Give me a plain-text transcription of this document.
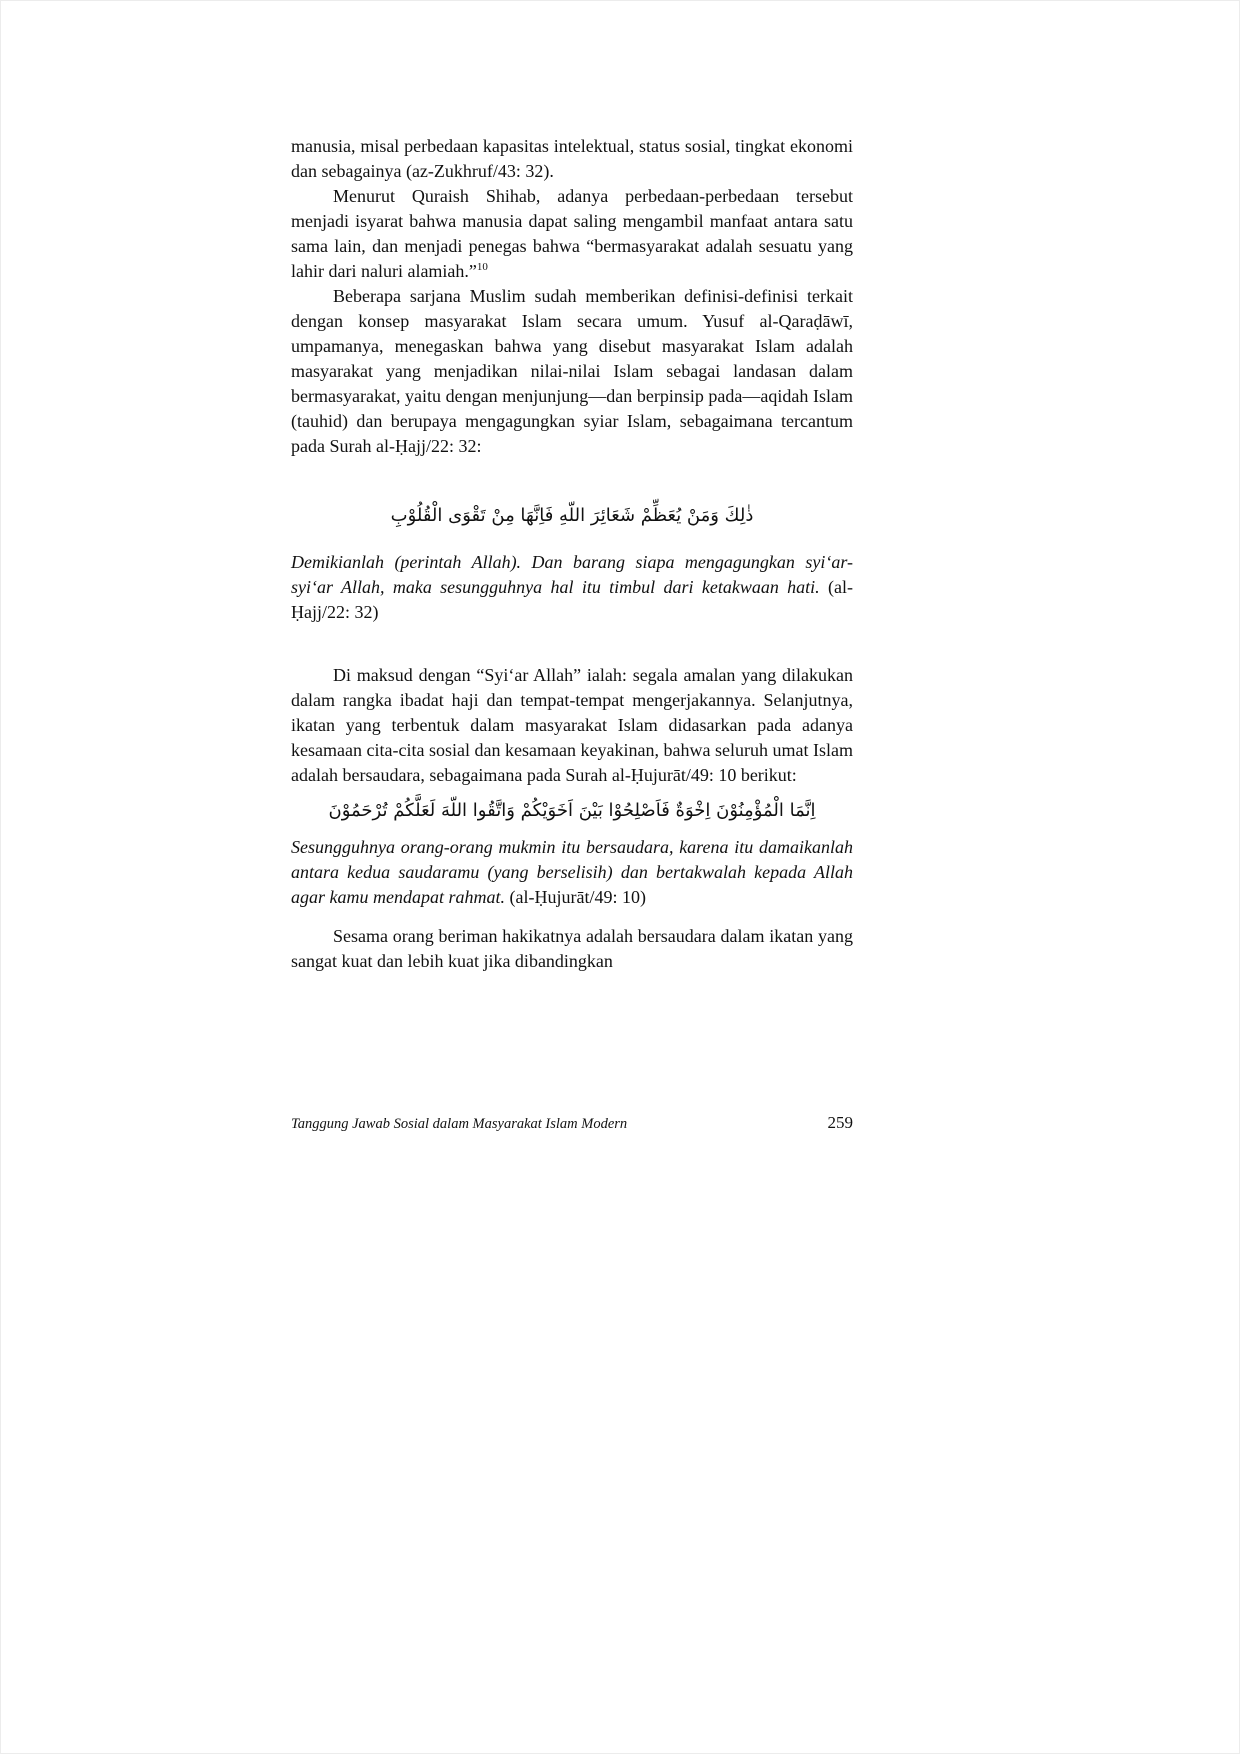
manusia, misal perbedaan kapasitas intelektual, status sosial, tingkat ekonomi dan sebagainya (az-Zukhruf/43: 32).

Menurut Quraish Shihab, adanya perbedaan-perbedaan tersebut menjadi isyarat bahwa manusia dapat saling mengambil manfaat antara satu sama lain, dan menjadi penegas bahwa “bermasyarakat adalah sesuatu yang lahir dari naluri alamiah.”$^{10}$

Beberapa sarjana Muslim sudah memberikan definisi-definisi terkait dengan konsep masyarakat Islam secara umum. Yusuf al-Qaraḍāwī, umpamanya, menegaskan bahwa yang disebut masyarakat Islam adalah masyarakat yang menjadikan nilai-nilai Islam sebagai landasan dalam bermasyarakat, yaitu dengan menjunjung—dan berpinsip pada—aqidah Islam (tauhid) dan berupaya mengagungkan syiar Islam, sebagaimana tercantum pada Surah al-Ḥajj/22: 32:

ذٰلِكَ وَمَنْ يُعَظِّمْ شَعَائِرَ اللّهِ فَاِنَّهَا مِنْ تَقْوَى الْقُلُوْبِ

Demikianlah (perintah Allah). Dan barang siapa mengagungkan syi‘ar-syi‘ar Allah, maka sesungguhnya hal itu timbul dari ketakwaan hati. (al-Ḥajj/22: 32)

Di maksud dengan “Syi‘ar Allah” ialah: segala amalan yang dilakukan dalam rangka ibadat haji dan tempat-tempat mengerjakannya. Selanjutnya, ikatan yang terbentuk dalam masyarakat Islam didasarkan pada adanya kesamaan cita-cita sosial dan kesamaan keyakinan, bahwa seluruh umat Islam adalah bersaudara, sebagaimana pada Surah al-Ḥujurāt/49: 10 berikut:

اِنَّمَا الْمُؤْمِنُوْنَ اِخْوَةٌ فَاَصْلِحُوْا بَيْنَ اَخَوَيْكُمْ وَاتَّقُوا اللّهَ لَعَلَّكُمْ تُرْحَمُوْنَ

Sesungguhnya orang-orang mukmin itu bersaudara, karena itu damaikanlah antara kedua saudaramu (yang berselisih) dan bertakwalah kepada Allah agar kamu mendapat rahmat. (al-Ḥujurāt/49: 10)

Sesama orang beriman hakikatnya adalah bersaudara dalam ikatan yang sangat kuat dan lebih kuat jika dibandingkan

Tanggung Jawab Sosial dalam Masyarakat Islam Modern	259
